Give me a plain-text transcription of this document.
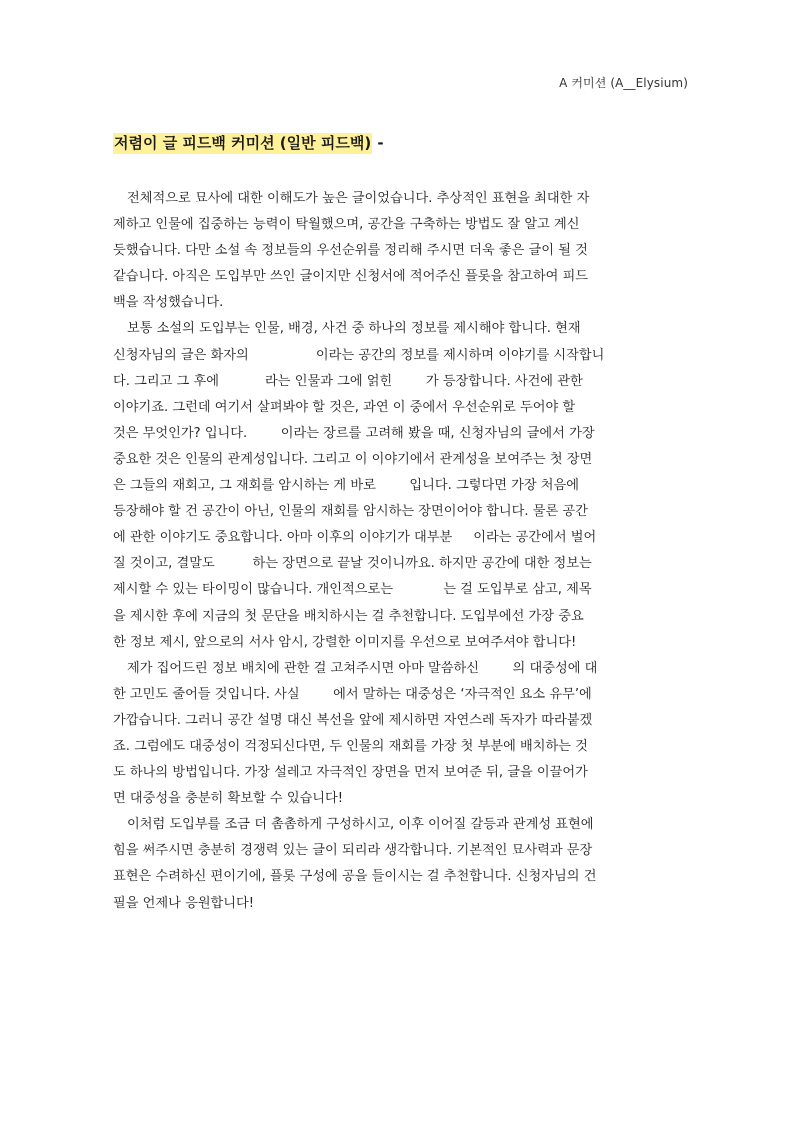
A 커미션 (A__Elysium)
저렴이 글 피드백 커미션 (일반 피드백) -
전체적으로 묘사에 대한 이해도가 높은 글이었습니다. 추상적인 표현을 최대한 자
제하고 인물에 집중하는 능력이 탁월했으며, 공간을 구축하는 방법도 잘 알고 계신
듯했습니다. 다만 소설 속 정보들의 우선순위를 정리해 주시면 더욱 좋은 글이 될 것
같습니다. 아직은 도입부만 쓰인 글이지만 신청서에 적어주신 플롯을 참고하여 피드
백을 작성했습니다.
보통 소설의 도입부는 인물, 배경, 사건 중 하나의 정보를 제시해야 합니다. 현재
신청자님의 글은 화자의                이라는 공간의 정보를 제시하며 이야기를 시작합니
다. 그리고 그 후에           라는 인물과 그에 얽힌        가 등장합니다. 사건에 관한
이야기죠. 그런데 여기서 살펴봐야 할 것은, 과연 이 중에서 우선순위로 두어야 할
것은 무엇인가? 입니다.        이라는 장르를 고려해 봤을 때, 신청자님의 글에서 가장
중요한 것은 인물의 관계성입니다. 그리고 이 이야기에서 관계성을 보여주는 첫 장면
은 그들의 재회고, 그 재회를 암시하는 게 바로        입니다. 그렇다면 가장 처음에
등장해야 할 건 공간이 아닌, 인물의 재회를 암시하는 장면이어야 합니다. 물론 공간
에 관한 이야기도 중요합니다. 아마 이후의 이야기가 대부분     이라는 공간에서 벌어
질 것이고, 결말도         하는 장면으로 끝날 것이니까요. 하지만 공간에 대한 정보는
제시할 수 있는 타이밍이 많습니다. 개인적으로는            는 걸 도입부로 삼고, 제목
을 제시한 후에 지금의 첫 문단을 배치하시는 걸 추천합니다. 도입부에선 가장 중요
한 정보 제시, 앞으로의 서사 암시, 강렬한 이미지를 우선으로 보여주셔야 합니다!
제가 집어드린 정보 배치에 관한 걸 고쳐주시면 아마 말씀하신        의 대중성에 대
한 고민도 줄어들 것입니다. 사실        에서 말하는 대중성은 ‘자극적인 요소 유무’에
가깝습니다. 그러니 공간 설명 대신 복선을 앞에 제시하면 자연스레 독자가 따라붙겠
죠. 그럼에도 대중성이 걱정되신다면, 두 인물의 재회를 가장 첫 부분에 배치하는 것
도 하나의 방법입니다. 가장 설레고 자극적인 장면을 먼저 보여준 뒤, 글을 이끌어가
면 대중성을 충분히 확보할 수 있습니다!
이처럼 도입부를 조금 더 촘촘하게 구성하시고, 이후 이어질 갈등과 관계성 표현에
힘을 써주시면 충분히 경쟁력 있는 글이 되리라 생각합니다. 기본적인 묘사력과 문장
표현은 수려하신 편이기에, 플롯 구성에 공을 들이시는 걸 추천합니다. 신청자님의 건
필을 언제나 응원합니다!
